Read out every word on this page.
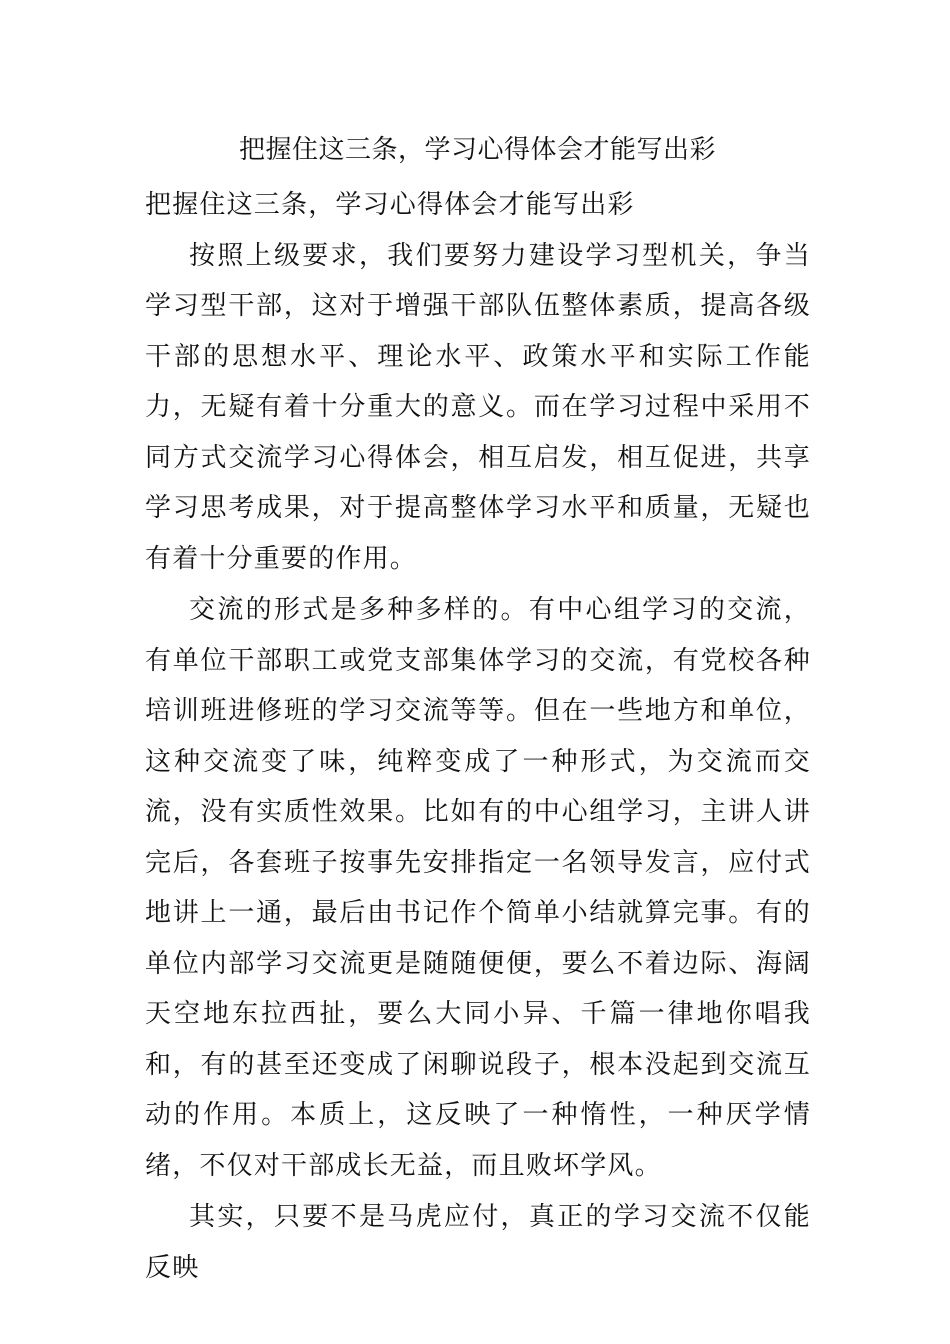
把握住这三条，学习心得体会才能写出彩

把握住这三条，学习心得体会才能写出彩

按照上级要求，我们要努力建设学习型机关，争当学习型干部，这对于增强干部队伍整体素质，提高各级干部的思想水平、理论水平、政策水平和实际工作能力，无疑有着十分重大的意义。而在学习过程中采用不同方式交流学习心得体会，相互启发，相互促进，共享学习思考成果，对于提高整体学习水平和质量，无疑也有着十分重要的作用。

交流的形式是多种多样的。有中心组学习的交流，有单位干部职工或党支部集体学习的交流，有党校各种培训班进修班的学习交流等等。但在一些地方和单位，这种交流变了味，纯粹变成了一种形式，为交流而交流，没有实质性效果。比如有的中心组学习，主讲人讲完后，各套班子按事先安排指定一名领导发言，应付式地讲上一通，最后由书记作个简单小结就算完事。有的单位内部学习交流更是随随便便，要么不着边际、海阔天空地东拉西扯，要么大同小异、千篇一律地你唱我和，有的甚至还变成了闲聊说段子，根本没起到交流互动的作用。本质上，这反映了一种惰性，一种厌学情绪，不仅对干部成长无益，而且败坏学风。

其实，只要不是马虎应付，真正的学习交流不仅能反映
